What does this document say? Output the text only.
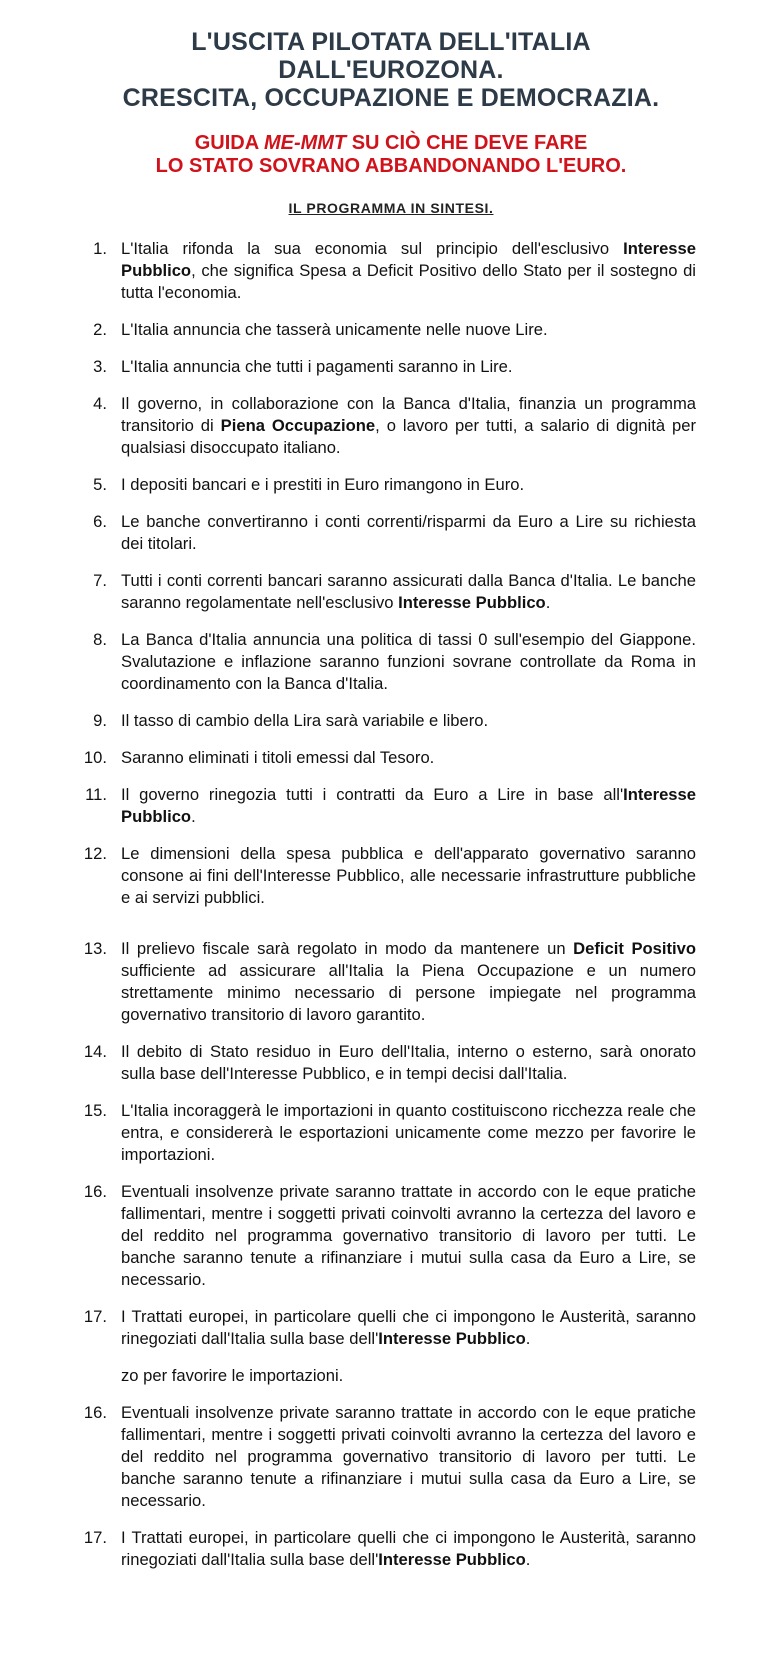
L'USCITA PILOTATA DELL'ITALIA
DALL'EUROZONA.
CRESCITA, OCCUPAZIONE E DEMOCRAZIA.
GUIDA ME-MMT SU CIÒ CHE DEVE FARE
LO STATO SOVRANO ABBANDONANDO L'EURO.
IL PROGRAMMA IN SINTESI.
1. L'Italia rifonda la sua economia sul principio dell'esclusivo Interesse Pubblico, che significa Spesa a Deficit Positivo dello Stato per il sostegno di tutta l'economia.
2. L'Italia annuncia che tasserà unicamente nelle nuove Lire.
3. L'Italia annuncia che tutti i pagamenti saranno in Lire.
4. Il governo, in collaborazione con la Banca d'Italia, finanzia un programma transitorio di Piena Occupazione, o lavoro per tutti, a salario di dignità per qualsiasi disoccupato italiano.
5. I depositi bancari e i prestiti in Euro rimangono in Euro.
6. Le banche convertiranno i conti correnti/risparmi da Euro a Lire su richiesta dei titolari.
7. Tutti i conti correnti bancari saranno assicurati dalla Banca d'Italia. Le banche saranno regolamentate nell'esclusivo Interesse Pubblico.
8. La Banca d'Italia annuncia una politica di tassi 0 sull'esempio del Giappone. Svalutazione e inflazione saranno funzioni sovrane controllate da Roma in coordinamento con la Banca d'Italia.
9. Il tasso di cambio della Lira sarà variabile e libero.
10. Saranno eliminati i titoli emessi dal Tesoro.
11. Il governo rinegozia tutti i contratti da Euro a Lire in base all'Interesse Pubblico.
12. Le dimensioni della spesa pubblica e dell'apparato governativo saranno consone ai fini dell'Interesse Pubblico, alle necessarie infrastrutture pubbliche e ai servizi pubblici.
13. Il prelievo fiscale sarà regolato in modo da mantenere un Deficit Positivo sufficiente ad assicurare all'Italia la Piena Occupazione e un numero strettamente minimo necessario di persone impiegate nel programma governativo transitorio di lavoro garantito.
14. Il debito di Stato residuo in Euro dell'Italia, interno o esterno, sarà onorato sulla base dell'Interesse Pubblico, e in tempi decisi dall'Italia.
15. L'Italia incoraggerà le importazioni in quanto costituiscono ricchezza reale che entra, e considererà le esportazioni unicamente come mezzo per favorire le importazioni.
16. Eventuali insolvenze private saranno trattate in accordo con le eque pratiche fallimentari, mentre i soggetti privati coinvolti avranno la certezza del lavoro e del reddito nel programma governativo transitorio di lavoro per tutti. Le banche saranno tenute a rifinanziare i mutui sulla casa da Euro a Lire, se necessario.
17. I Trattati europei, in particolare quelli che ci impongono le Austerità, saranno rinegoziati dall'Italia sulla base dell'Interesse Pubblico.
zo per favorire le importazioni.
16. Eventuali insolvenze private saranno trattate in accordo con le eque pratiche fallimentari, mentre i soggetti privati coinvolti avranno la certezza del lavoro e del reddito nel programma governativo transitorio di lavoro per tutti. Le banche saranno tenute a rifinanziare i mutui sulla casa da Euro a Lire, se necessario.
17. I Trattati europei, in particolare quelli che ci impongono le Austerità, saranno rinegoziati dall'Italia sulla base dell'Interesse Pubblico.
